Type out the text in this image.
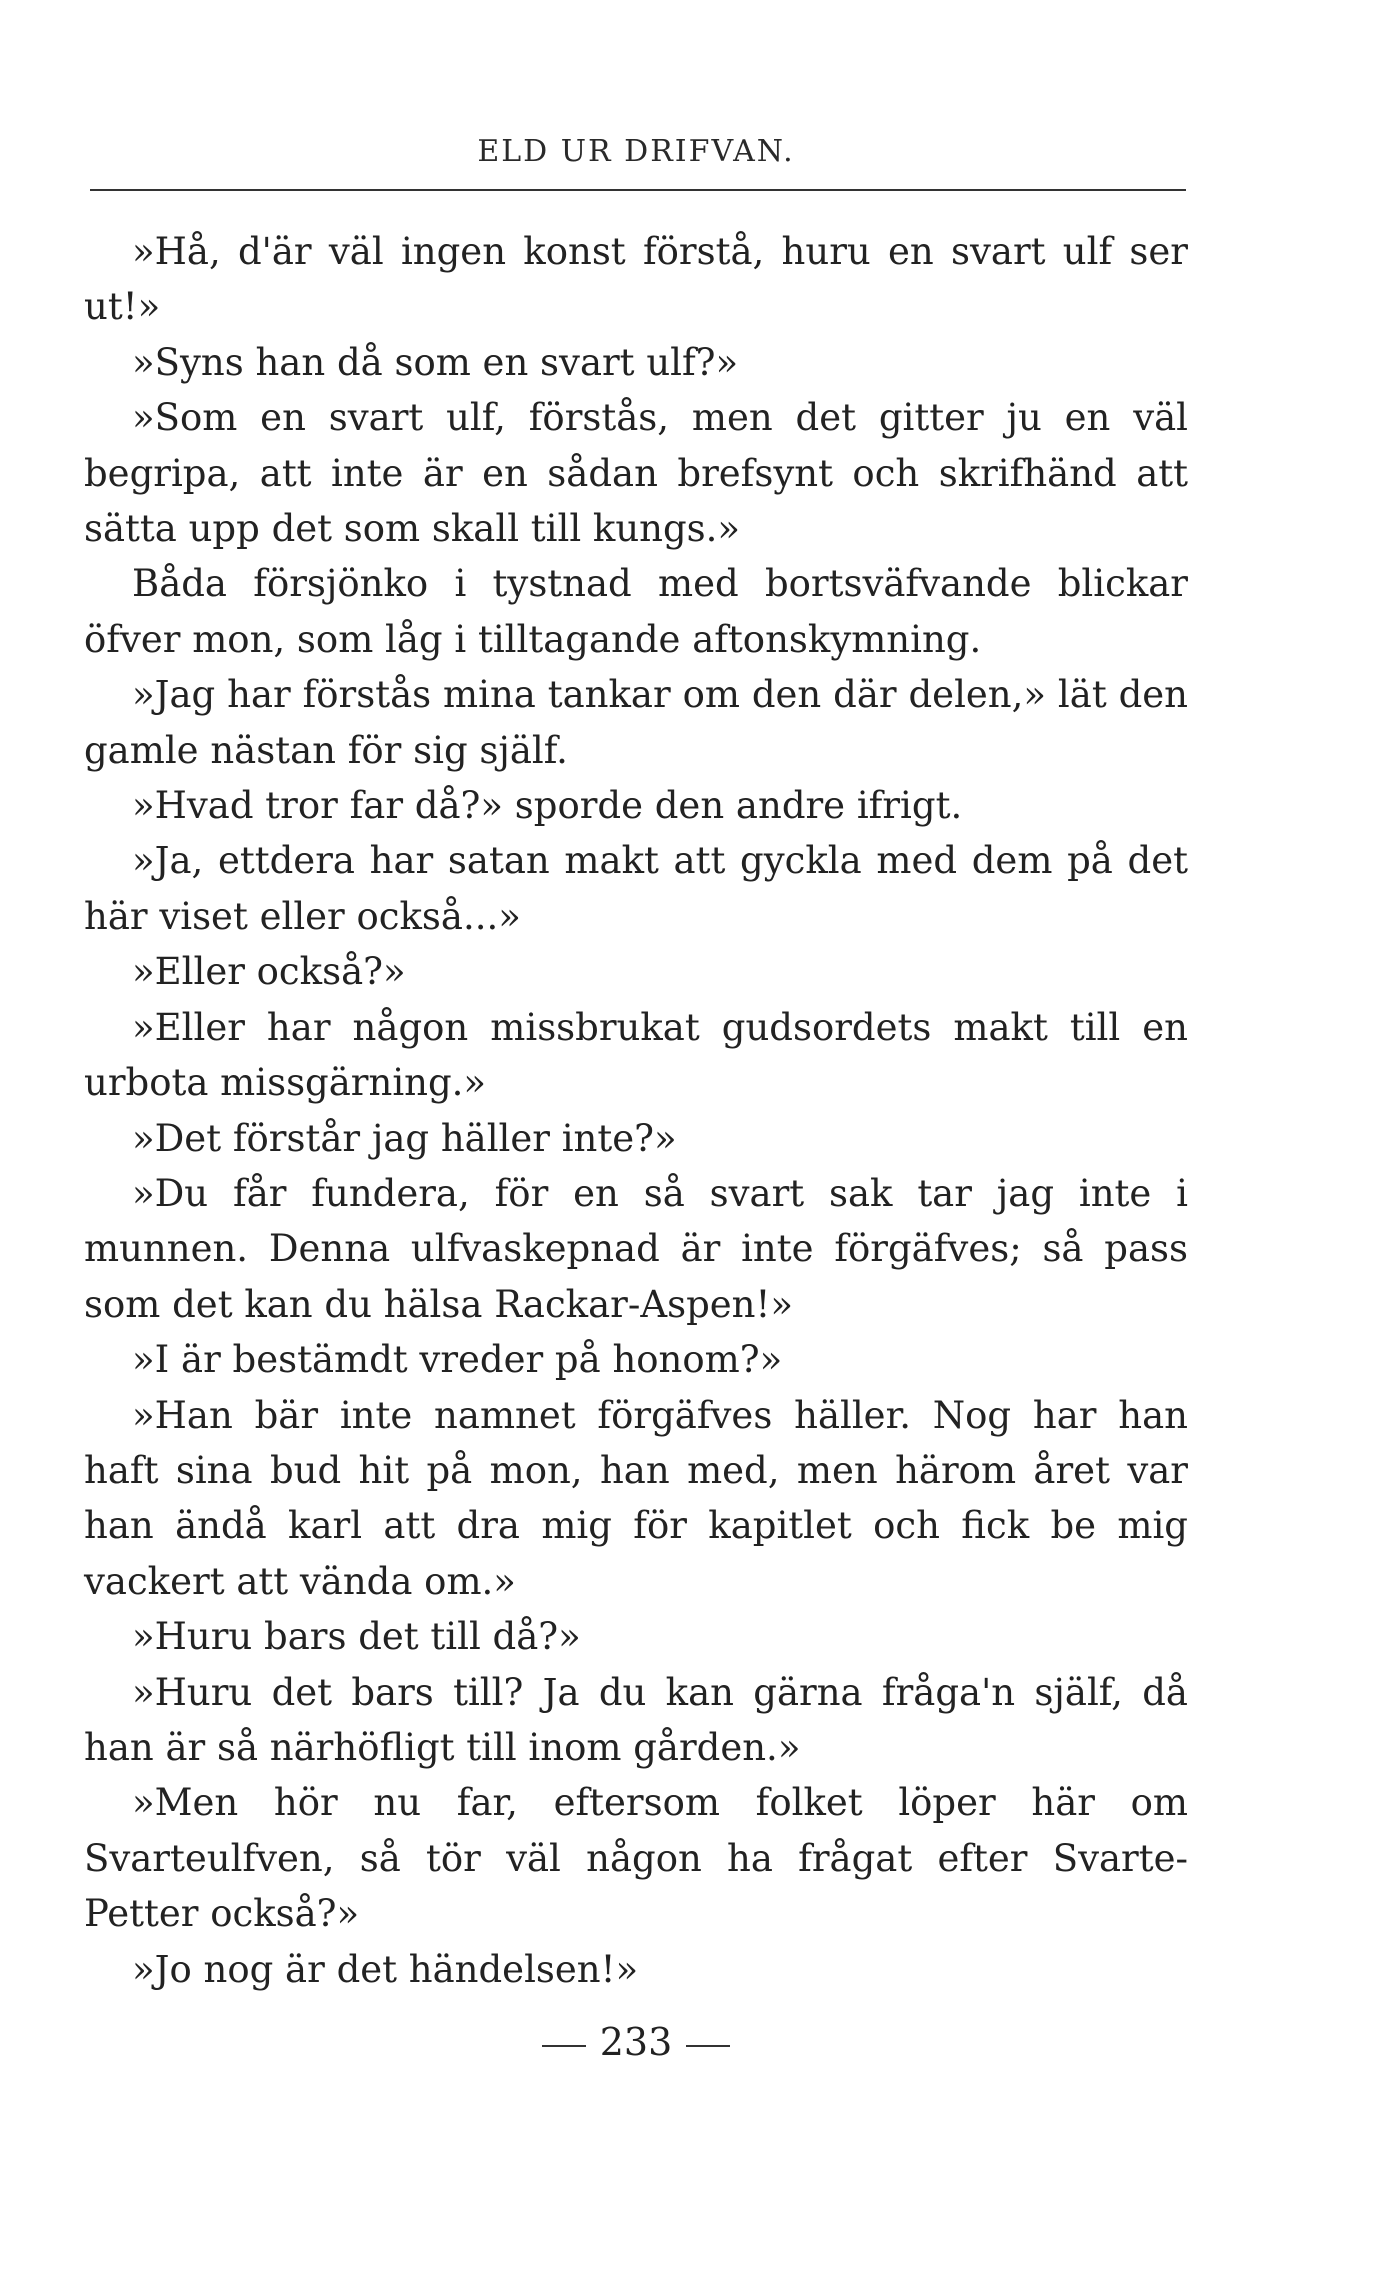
ELD UR DRIFVAN.

»Hå, d'är väl ingen konst förstå, huru en svart ulf ser ut!»

»Syns han då som en svart ulf?»

»Som en svart ulf, förstås, men det gitter ju en väl begripa, att inte är en sådan brefsynt och skrifhänd att sätta upp det som skall till kungs.»

Båda försjönko i tystnad med bortsväfvande blickar öfver mon, som låg i tilltagande aftonskymning.

»Jag har förstås mina tankar om den där delen,» lät den gamle nästan för sig själf.

»Hvad tror far då?» sporde den andre ifrigt.

»Ja, ettdera har satan makt att gyckla med dem på det här viset eller också...»

»Eller också?»

»Eller har någon missbrukat gudsordets makt till en urbota missgärning.»

»Det förstår jag häller inte?»

»Du får fundera, för en så svart sak tar jag inte i munnen. Denna ulfvaskepnad är inte förgäfves; så pass som det kan du hälsa Rackar-Aspen!»

»I är bestämdt vreder på honom?»

»Han bär inte namnet förgäfves häller. Nog har han haft sina bud hit på mon, han med, men härom året var han ändå karl att dra mig för kapitlet och fick be mig vackert att vända om.»

»Huru bars det till då?»

»Huru det bars till? Ja du kan gärna fråga'n själf, då han är så närhöfligt till inom gården.»

»Men hör nu far, eftersom folket löper här om Svarteulfven, så tör väl någon ha frågat efter Svarte-Petter också?»

»Jo nog är det händelsen!»

233
